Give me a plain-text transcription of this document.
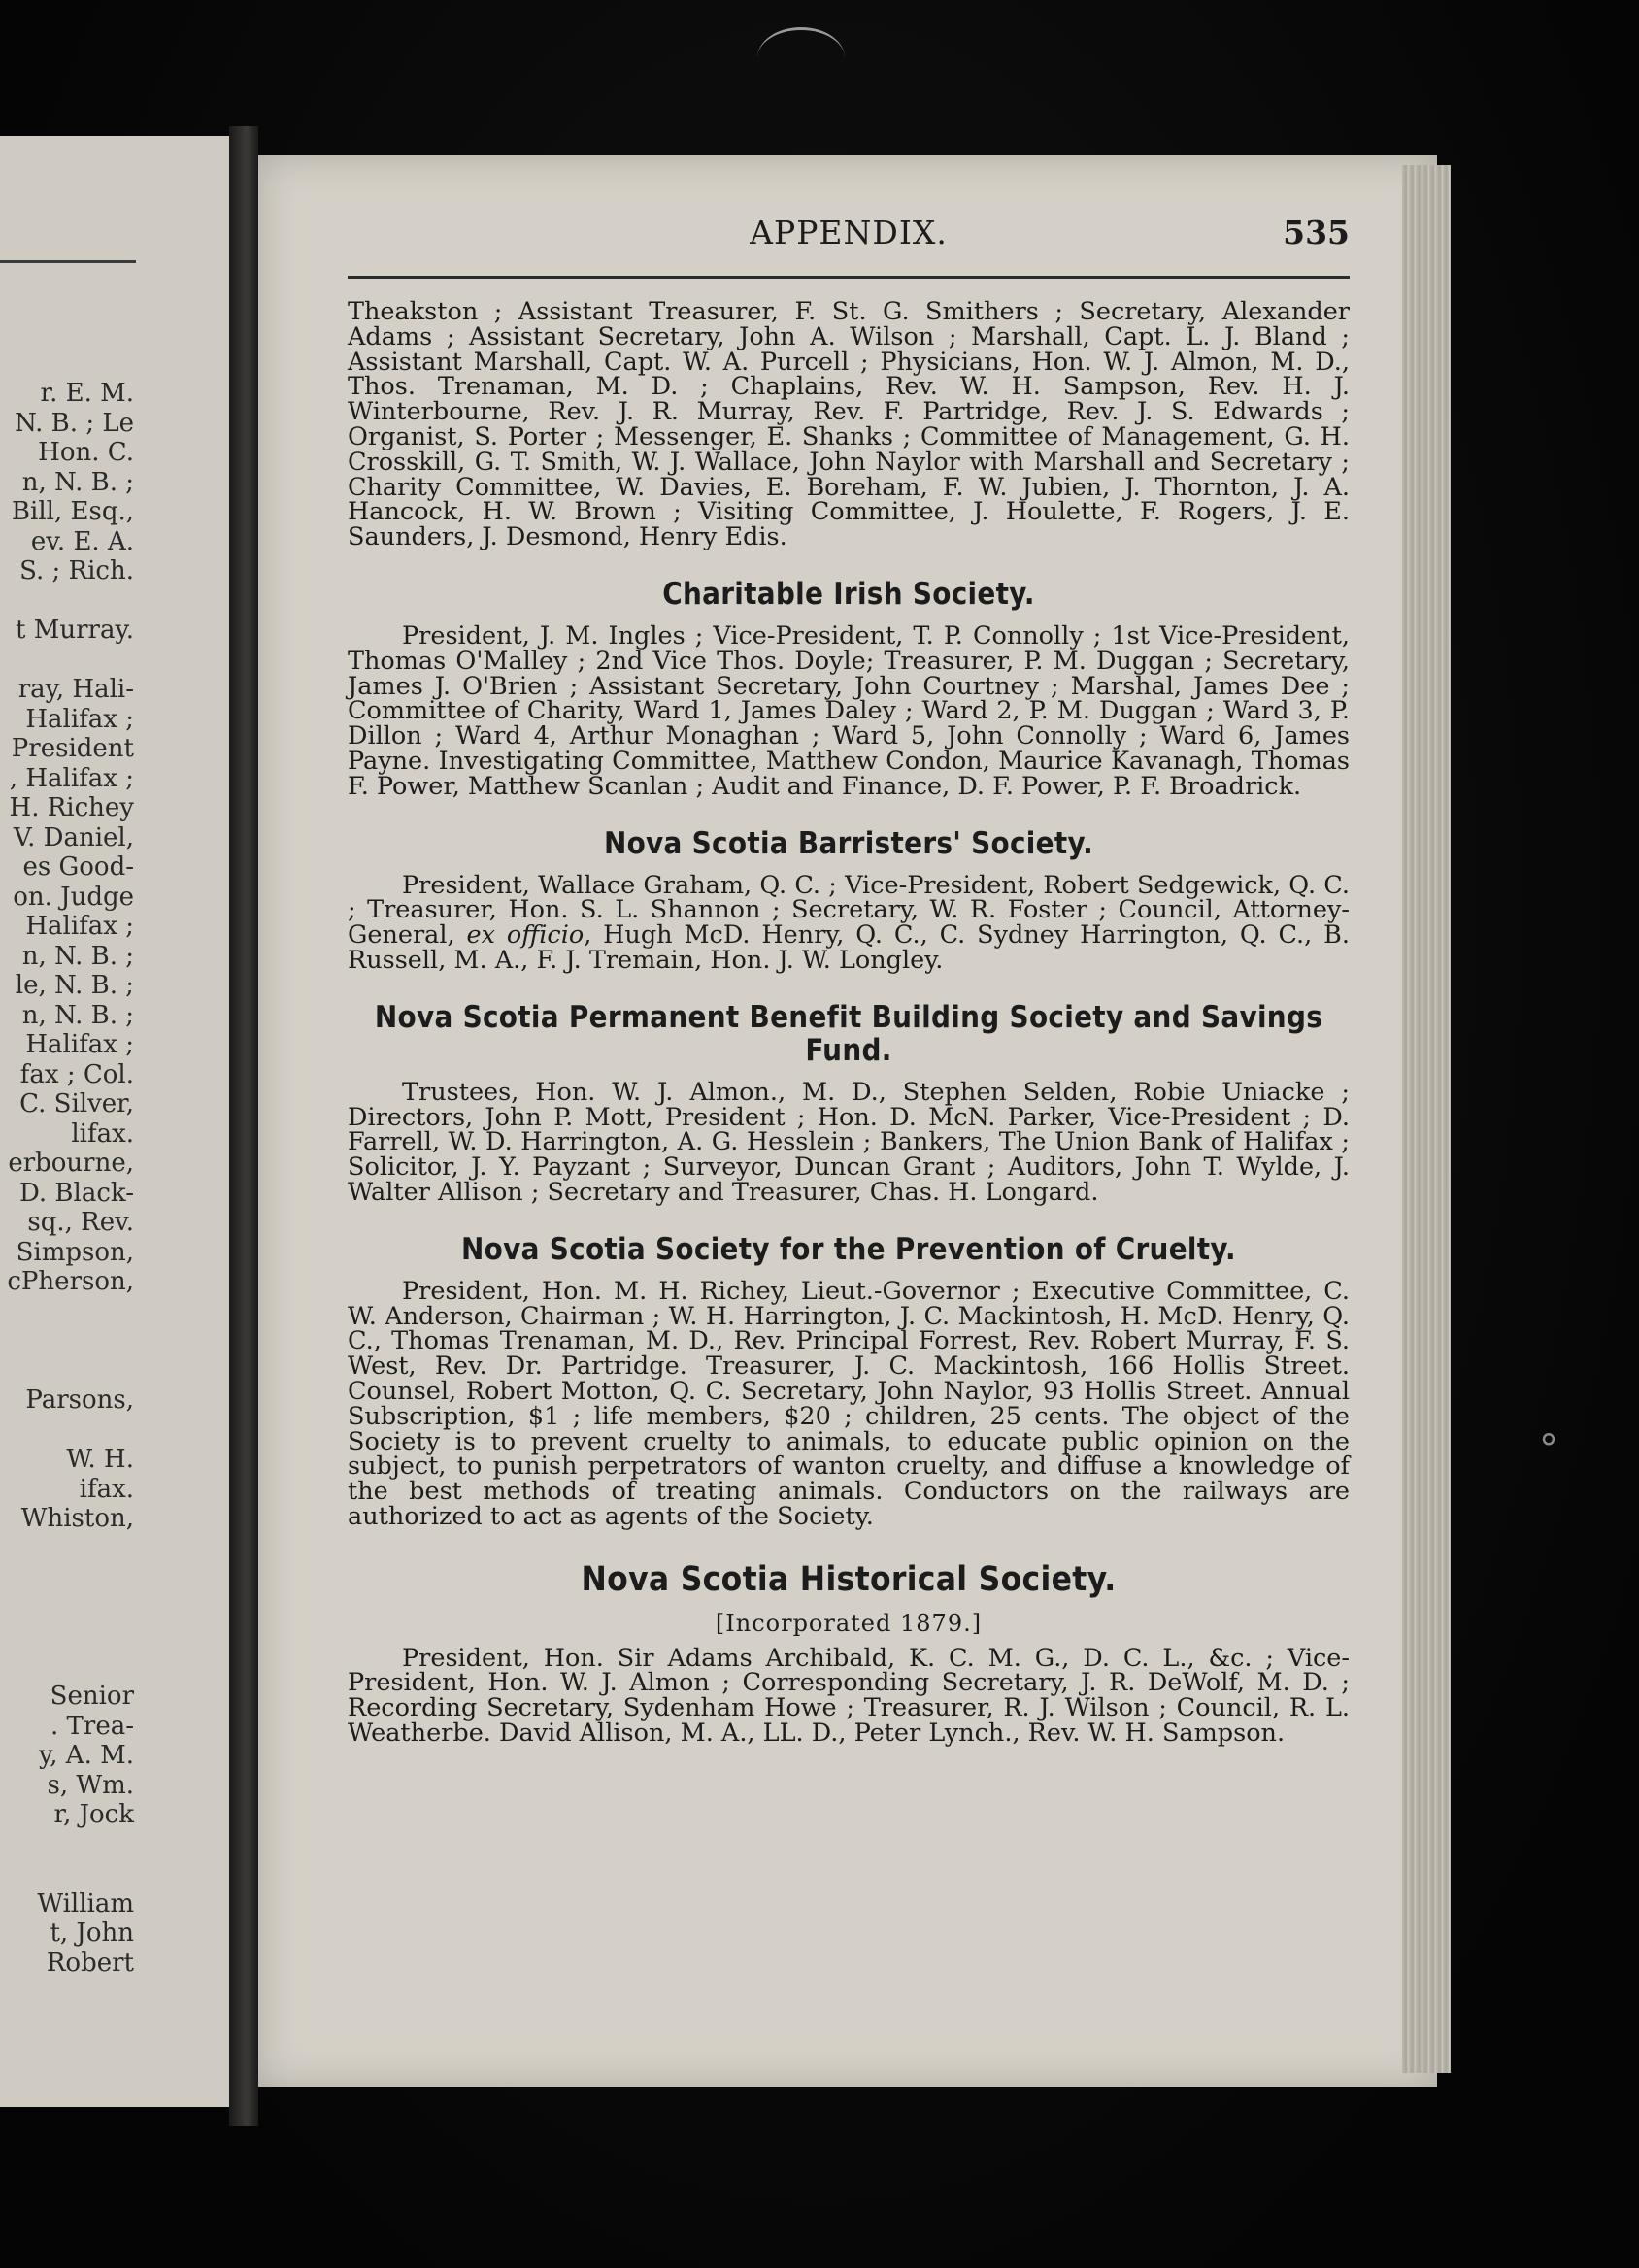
r. E. M.
N. B. ; Le
Hon. C.
n, N. B. ;
Bill, Esq.,
ev. E. A.
S. ; Rich.
t Murray.
ray, Hali-
Halifax ;
President
, Halifax ;
H. Richey
V. Daniel,
es Good-
on. Judge
Halifax ;
n, N. B. ;
le, N. B. ;
n, N. B. ;
Halifax ;
fax ; Col.
C. Silver,
lifax.
erbourne,
D. Black-
sq., Rev.
Simpson,
cPherson,
Parsons,
W. H.
ifax.
Whiston,
Senior
. Trea-
y, A. M.
s, Wm.
r, Jock
William
t, John
Robert
APPENDIX.	535

Theakston ; Assistant Treasurer, F. St. G. Smithers ; Secretary, Alexander Adams ; Assistant Secretary, John A. Wilson ; Marshall, Capt. L. J. Bland ; Assistant Marshall, Capt. W. A. Purcell ; Physicians, Hon. W. J. Almon, M. D., Thos. Trenaman, M. D. ; Chaplains, Rev. W. H. Sampson, Rev. H. J. Winterbourne, Rev. J. R. Murray, Rev. F. Partridge, Rev. J. S. Edwards ; Organist, S. Porter ; Messenger, E. Shanks ; Committee of Management, G. H. Crosskill, G. T. Smith, W. J. Wallace, John Naylor with Marshall and Secretary ; Charity Committee, W. Davies, E. Boreham, F. W. Jubien, J. Thornton, J. A. Hancock, H. W. Brown ; Visiting Committee, J. Houlette, F. Rogers, J. E. Saunders, J. Desmond, Henry Edis.

Charitable Irish Society.

President, J. M. Ingles ; Vice-President, T. P. Connolly ; 1st Vice-President, Thomas O'Malley ; 2nd Vice Thos. Doyle; Treasurer, P. M. Duggan ; Secretary, James J. O'Brien ; Assistant Secretary, John Courtney ; Marshal, James Dee ; Committee of Charity, Ward 1, James Daley ; Ward 2, P. M. Duggan ; Ward 3, P. Dillon ; Ward 4, Arthur Monaghan ; Ward 5, John Connolly ; Ward 6, James Payne. Investigating Committee, Matthew Condon, Maurice Kavanagh, Thomas F. Power, Matthew Scanlan ; Audit and Finance, D. F. Power, P. F. Broadrick.

Nova Scotia Barristers' Society.

President, Wallace Graham, Q. C. ; Vice-President, Robert Sedgewick, Q. C. ; Treasurer, Hon. S. L. Shannon ; Secretary, W. R. Foster ; Council, Attorney-General, ex officio, Hugh McD. Henry, Q. C., C. Sydney Harrington, Q. C., B. Russell, M. A., F. J. Tremain, Hon. J. W. Longley.

Nova Scotia Permanent Benefit Building Society and Savings Fund.

Trustees, Hon. W. J. Almon., M. D., Stephen Selden, Robie Uniacke ; Directors, John P. Mott, President ; Hon. D. McN. Parker, Vice-President ; D. Farrell, W. D. Harrington, A. G. Hesslein ; Bankers, The Union Bank of Halifax ; Solicitor, J. Y. Payzant ; Surveyor, Duncan Grant ; Auditors, John T. Wylde, J. Walter Allison ; Secretary and Treasurer, Chas. H. Longard.

Nova Scotia Society for the Prevention of Cruelty.

President, Hon. M. H. Richey, Lieut.-Governor ; Executive Committee, C. W. Anderson, Chairman ; W. H. Harrington, J. C. Mackintosh, H. McD. Henry, Q. C., Thomas Trenaman, M. D., Rev. Principal Forrest, Rev. Robert Murray, F. S. West, Rev. Dr. Partridge. Treasurer, J. C. Mackintosh, 166 Hollis Street. Counsel, Robert Motton, Q. C. Secretary, John Naylor, 93 Hollis Street. Annual Subscription, $1 ; life members, $20 ; children, 25 cents. The object of the Society is to prevent cruelty to animals, to educate public opinion on the subject, to punish perpetrators of wanton cruelty, and diffuse a knowledge of the best methods of treating animals. Conductors on the railways are authorized to act as agents of the Society.

Nova Scotia Historical Society.
[Incorporated 1879.]

President, Hon. Sir Adams Archibald, K. C. M. G., D. C. L., &c. ; Vice-President, Hon. W. J. Almon ; Corresponding Secretary, J. R. DeWolf, M. D. ; Recording Secretary, Sydenham Howe ; Treasurer, R. J. Wilson ; Council, R. L. Weatherbe. David Allison, M. A., LL. D., Peter Lynch., Rev. W. H. Sampson.

°
